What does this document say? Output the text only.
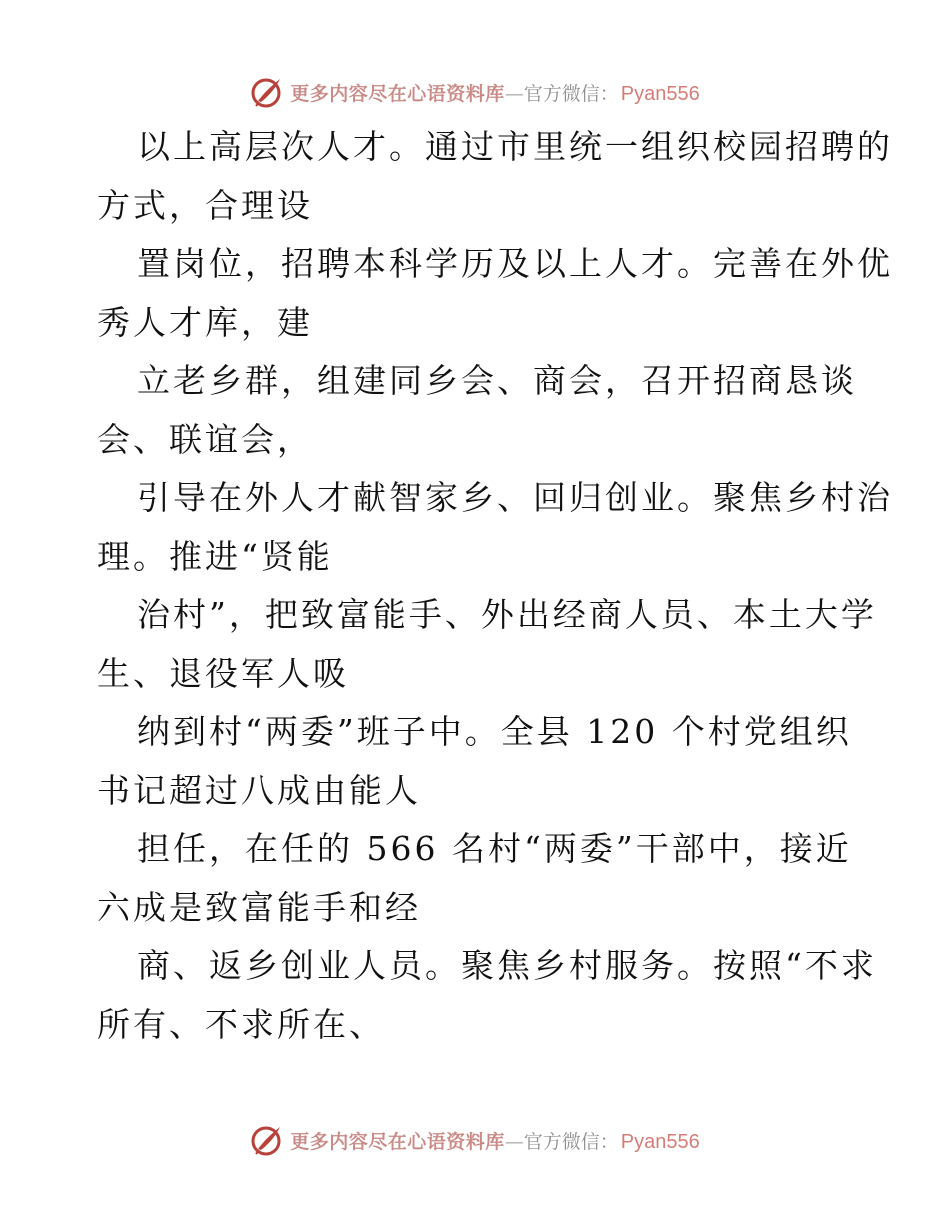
更多内容尽在心语资料库 — 官方微信： Pyan556
以上高层次人才。通过市里统一组织校园招聘的
方式，合理设
置岗位，招聘本科学历及以上人才。完善在外优
秀人才库，建
立老乡群，组建同乡会、商会，召开招商恳谈
会、联谊会，
引导在外人才献智家乡、回归创业。聚焦乡村治
理。推进“贤能
治村”，把致富能手、外出经商人员、本土大学
生、退役军人吸
纳到村“两委”班子中。全县 120 个村党组织
书记超过八成由能人
担任，在任的 566 名村“两委”干部中，接近
六成是致富能手和经
商、返乡创业人员。聚焦乡村服务。按照“不求
所有、不求所在、
更多内容尽在心语资料库 — 官方微信： Pyan556
